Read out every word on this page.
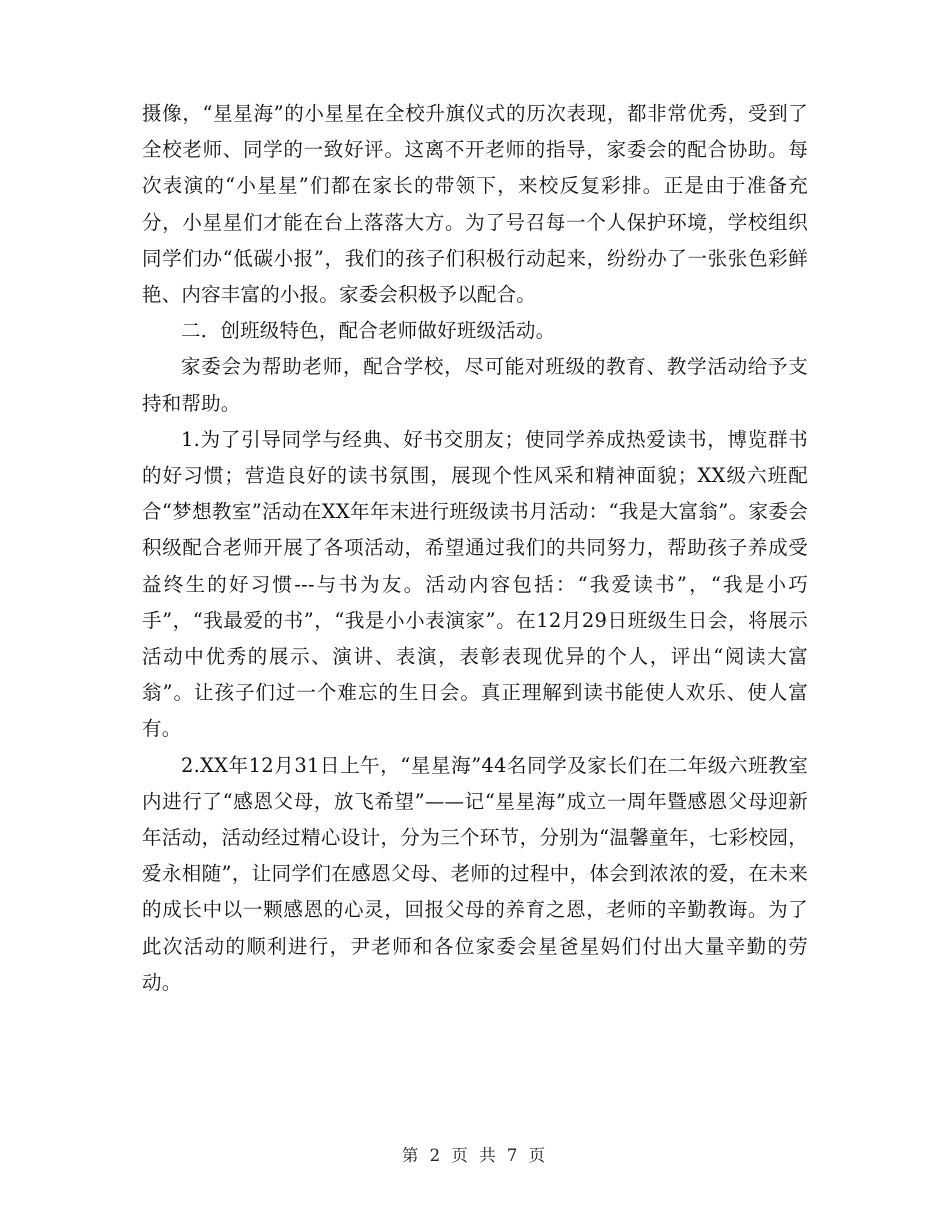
摄像，“星星海”的小星星在全校升旗仪式的历次表现，都非常优秀，受到了全校老师、同学的一致好评。这离不开老师的指导，家委会的配合协助。每次表演的“小星星”们都在家长的带领下，来校反复彩排。正是由于准备充分，小星星们才能在台上落落大方。为了号召每一个人保护环境，学校组织同学们办“低碳小报”，我们的孩子们积极行动起来，纷纷办了一张张色彩鲜艳、内容丰富的小报。家委会积极予以配合。

二．创班级特色，配合老师做好班级活动。

家委会为帮助老师，配合学校，尽可能对班级的教育、教学活动给予支持和帮助。

1.为了引导同学与经典、好书交朋友；使同学养成热爱读书，博览群书的好习惯；营造良好的读书氛围，展现个性风采和精神面貌；XX级六班配合“梦想教室”活动在XX年年末进行班级读书月活动：“我是大富翁”。家委会积级配合老师开展了各项活动，希望通过我们的共同努力，帮助孩子养成受益终生的好习惯---与书为友。活动内容包括：“我爱读书”，“我是小巧手”，“我最爱的书”，“我是小小表演家”。在12月29日班级生日会，将展示活动中优秀的展示、演讲、表演，表彰表现优异的个人，评出“阅读大富翁”。让孩子们过一个难忘的生日会。真正理解到读书能使人欢乐、使人富有。

2.XX年12月31日上午，“星星海”44名同学及家长们在二年级六班教室内进行了“感恩父母，放飞希望”——记“星星海”成立一周年暨感恩父母迎新年活动，活动经过精心设计，分为三个环节，分别为“温馨童年，七彩校园，爱永相随”，让同学们在感恩父母、老师的过程中，体会到浓浓的爱，在未来的成长中以一颗感恩的心灵，回报父母的养育之恩，老师的辛勤教诲。为了此次活动的顺利进行，尹老师和各位家委会星爸星妈们付出大量辛勤的劳动。

第 2 页 共 7 页
